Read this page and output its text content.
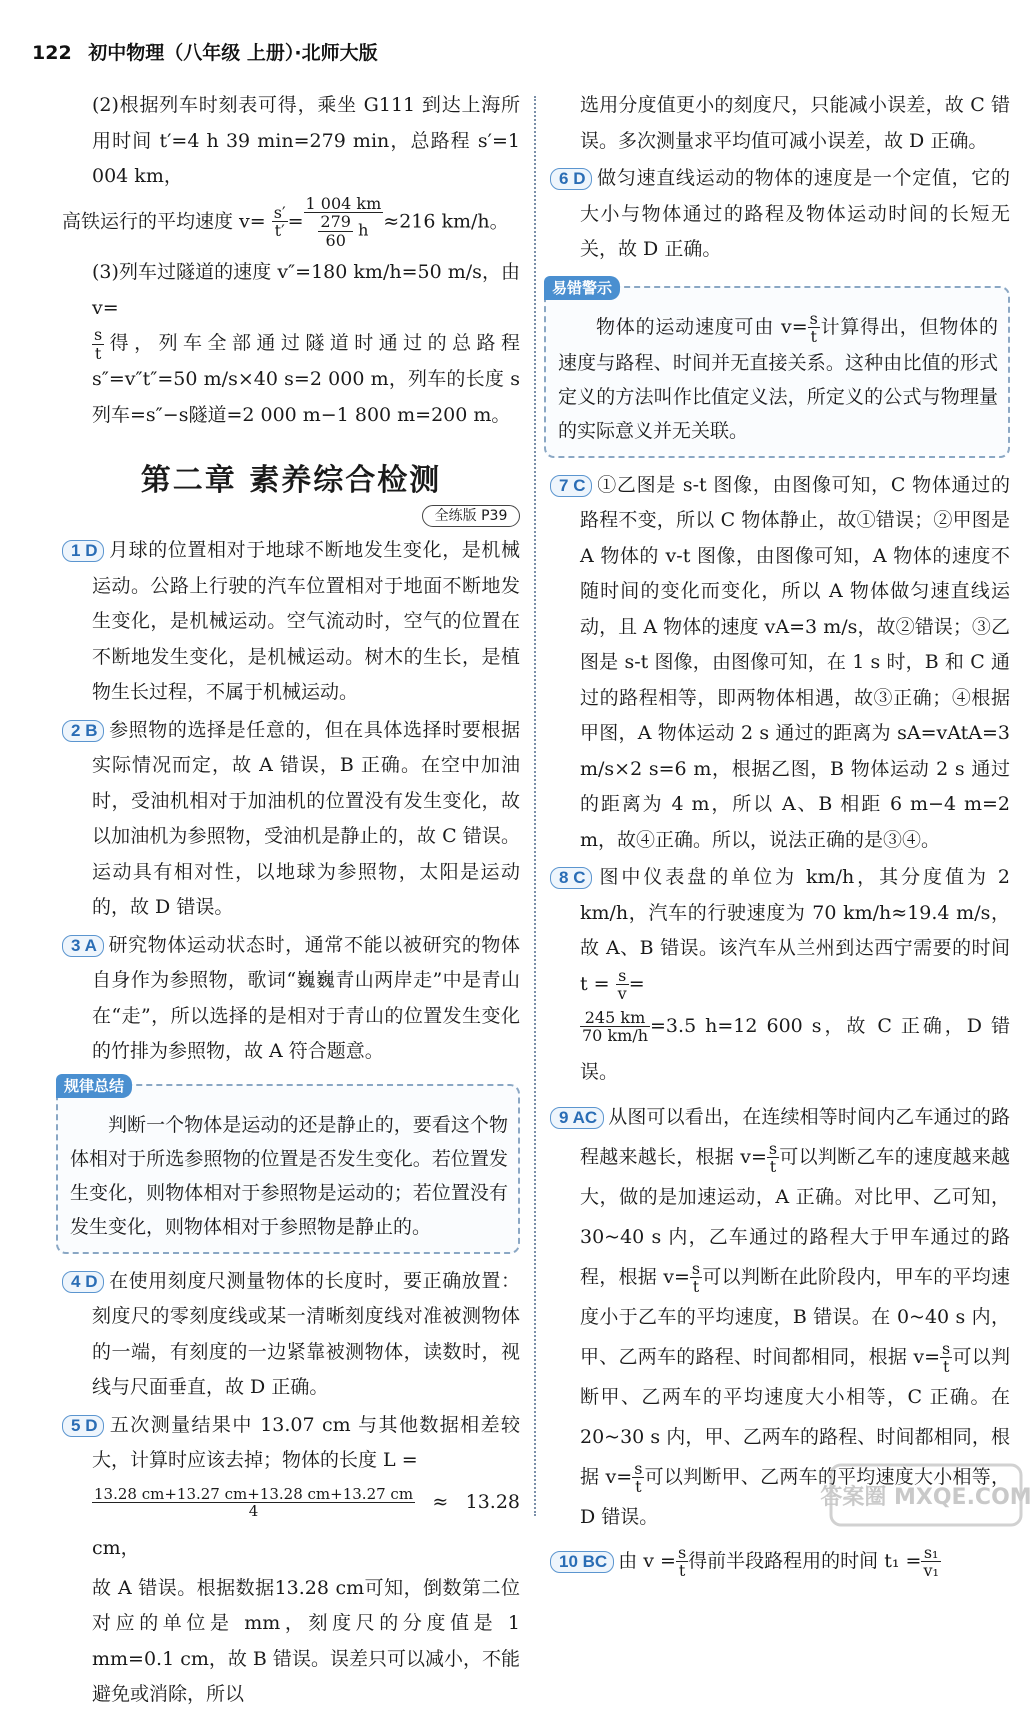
122 初中物理（八年级 上册）·北师大版

(2)根据列车时刻表可得，乘坐 G111 到达上海所用时间 t′=4 h 39 min=279 min，总路程 s′=1 004 km，

高铁运行的平均速度 $v= \frac{s'}{t'} = \frac{1 004 km}{\frac{279}{60} h} \approx 216$ km/h。

(3)列车过隧道的速度 v″=180 km/h=50 m/s，由 v=

$\frac{s}{t}$ 得，列车全部通过隧道时通过的总路程 s″=v″t″=50 m/s×40 s=2 000 m，列车的长度 s列车=s″−s隧道=2 000 m−1 800 m=200 m。

第二章 素养综合检测
全练版 P39

1 D 月球的位置相对于地球不断地发生变化，是机械运动。公路上行驶的汽车位置相对于地面不断地发生变化，是机械运动。空气流动时，空气的位置在不断地发生变化，是机械运动。树木的生长，是植物生长过程，不属于机械运动。

2 B 参照物的选择是任意的，但在具体选择时要根据实际情况而定，故 A 错误，B 正确。在空中加油时，受油机相对于加油机的位置没有发生变化，故以加油机为参照物，受油机是静止的，故 C 错误。运动具有相对性，以地球为参照物，太阳是运动的，故 D 错误。

3 A 研究物体运动状态时，通常不能以被研究的物体自身作为参照物，歌词“巍巍青山两岸走”中是青山在“走”，所以选择的是相对于青山的位置发生变化的竹排为参照物，故 A 符合题意。

规律总结

判断一个物体是运动的还是静止的，要看这个物体相对于所选参照物的位置是否发生变化。若位置发生变化，则物体相对于参照物是运动的；若位置没有发生变化，则物体相对于参照物是静止的。

4 D 在使用刻度尺测量物体的长度时，要正确放置：刻度尺的零刻度线或某一清晰刻度线对准被测物体的一端，有刻度的一边紧靠被测物体，读数时，视线与尺面垂直，故 D 正确。

5 D 五次测量结果中 13.07 cm 与其他数据相差较大，计算时应该去掉；物体的长度 L =

$\frac{13.28 cm+13.27 cm+13.28 cm+13.27 cm}{4} \approx 13.28$ cm，

故 A 错误。根据数据13.28 cm可知，倒数第二位对应的单位是 mm，刻度尺的分度值是 1 mm=0.1 cm，故 B 错误。误差只可以减小，不能避免或消除，所以

选用分度值更小的刻度尺，只能减小误差，故 C 错误。多次测量求平均值可减小误差，故 D 正确。

6 D 做匀速直线运动的物体的速度是一个定值，它的大小与物体通过的路程及物体运动时间的长短无关，故 D 正确。

易错警示

物体的运动速度可由 $v= \frac{s}{t}$ 计算得出，但物体的速度与路程、时间并无直接关系。这种由比值的形式定义的方法叫作比值定义法，所定义的公式与物理量的实际意义并无关联。

7 C ①乙图是 s-t 图像，由图像可知，C 物体通过的路程不变，所以 C 物体静止，故①错误；②甲图是 A 物体的 v-t 图像，由图像可知，A 物体的速度不随时间的变化而变化，所以 A 物体做匀速直线运动，且 A 物体的速度 vA=3 m/s，故②错误；③乙图是 s-t 图像，由图像可知，在 1 s 时，B 和 C 通过的路程相等，即两物体相遇，故③正确；④根据甲图，A 物体运动 2 s 通过的距离为 sA=vAtA=3 m/s×2 s=6 m，根据乙图，B 物体运动 2 s 通过的距离为 4 m，所以 A、B 相距 6 m−4 m=2 m，故④正确。所以，说法正确的是③④。

8 C 图中仪表盘的单位为 km/h，其分度值为 2 km/h，汽车的行驶速度为 70 km/h≈19.4 m/s，故 A、B 错误。该汽车从兰州到达西宁需要的时间 $t = \frac{s}{v}$ =

$\frac{245 km}{70 km/h} =3.5$ h=12 600 s，故 C 正确，D 错误。

9 AC 从图可以看出，在连续相等时间内乙车通过的路程越来越长，根据 $v= \frac{s}{t}$ 可以判断乙车的速度越来越大，做的是加速运动，A 正确。对比甲、乙可知，30~40 s 内，乙车通过的路程大于甲车通过的路程，根据 $v= \frac{s}{t}$ 可以判断在此阶段内，甲车的平均速度小于乙车的平均速度，B 错误。在 0~40 s 内，甲、乙两车的路程、时间都相同，根据 $v= \frac{s}{t}$ 可以判断甲、乙两车的平均速度大小相等，C 正确。在 20~30 s 内，甲、乙两车的路程、时间都相同，根据 $v= \frac{s}{t}$ 可以判断甲、乙两车的平均速度大小相等，D 错误。

10 BC 由 $v = \frac{s}{t}$ 得前半段路程用的时间 $t_1 = \frac{\text{s₁}}{\text{v₁}}$

答案圈 MXQE.COM
